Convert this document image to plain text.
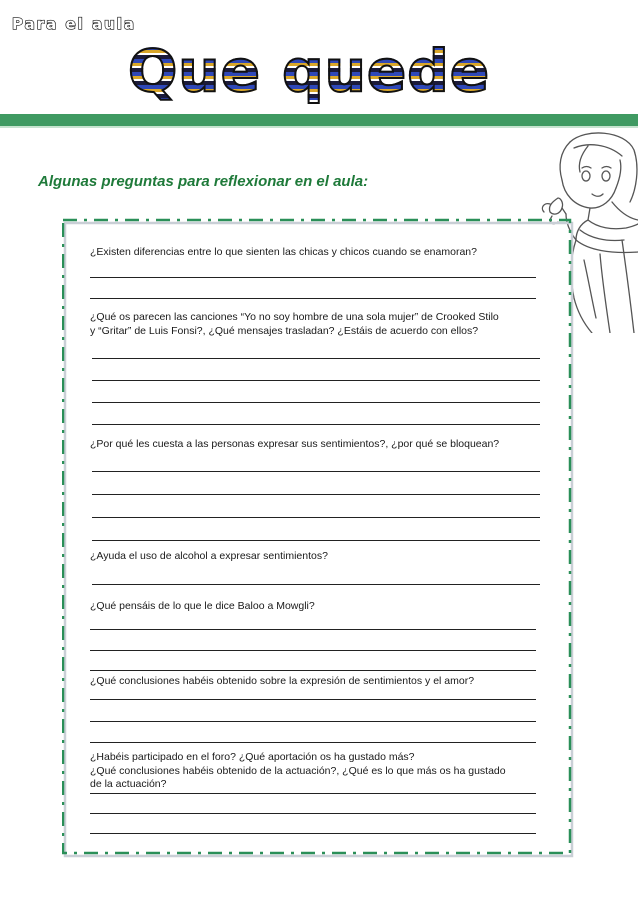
Para el aula
Que quede
Algunas preguntas para reflexionar en el aula:
¿Existen diferencias entre lo que sienten las chicas y chicos cuando se enamoran?
¿Qué os parecen las canciones “Yo no soy hombre de una sola mujer” de Crooked Stilo
y “Gritar” de Luis Fonsi?, ¿Qué mensajes trasladan? ¿Estáis de acuerdo con ellos?
¿Por qué les cuesta a las personas expresar sus sentimientos?, ¿por qué se bloquean?
¿Ayuda el uso de alcohol a expresar sentimientos?
¿Qué pensáis de lo que le dice Baloo a Mowgli?
¿Qué conclusiones habéis obtenido sobre la expresión de sentimientos y el amor?
¿Habéis participado en el foro? ¿Qué aportación os ha gustado más?
¿Qué conclusiones habéis obtenido de la actuación?, ¿Qué es lo que más os ha gustado
de la actuación?
